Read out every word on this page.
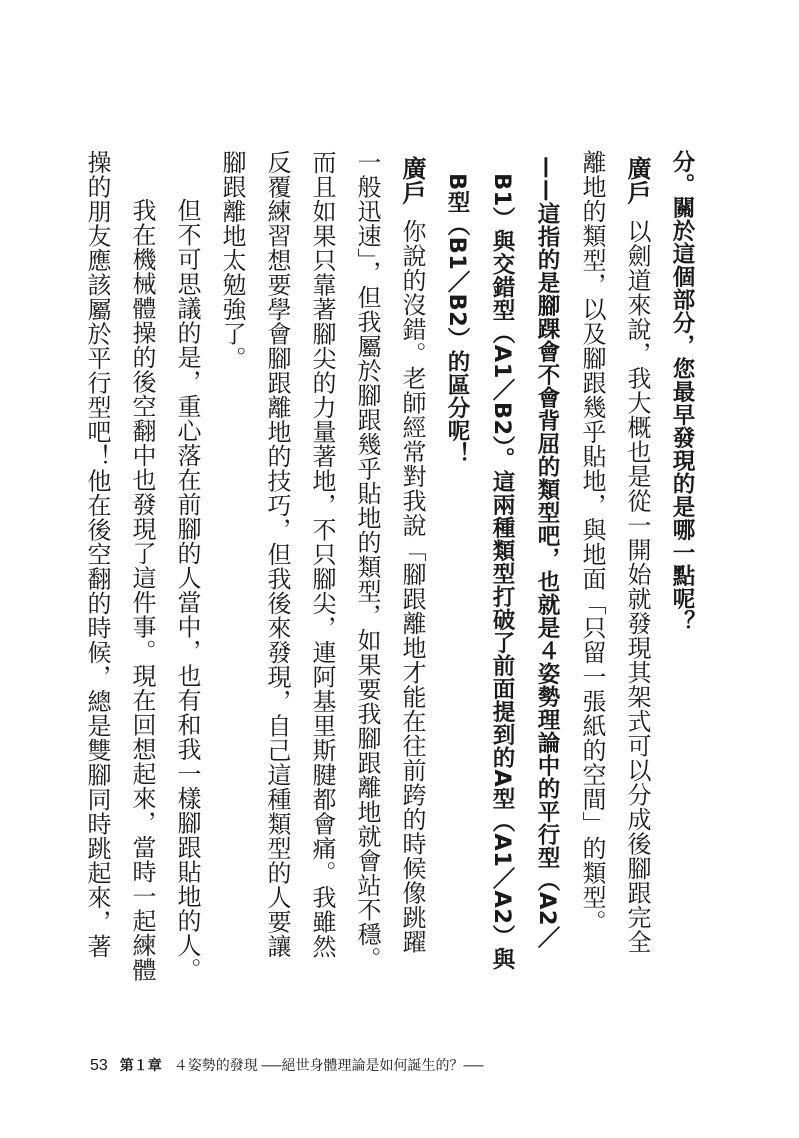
分。關於這個部分，您最早發現的是哪一點呢？

廣戶以劍道來說，我大概也是從一開始就發現其架式可以分成後腳跟完全

離地的類型，以及腳跟幾乎貼地，與地面「只留一張紙的空間」的類型。

——這指的是腳踝會不會背屈的類型吧，也就是４姿勢理論中的平行型（A2／

B1）與交錯型（A1／B2）。這兩種類型打破了前面提到的A型（A1／A2）與

B型（B1／B2）的區分呢！

廣戶你說的沒錯。老師經常對我說「腳跟離地才能在往前跨的時候像跳躍

一般迅速」，但我屬於腳跟幾乎貼地的類型，如果要我腳跟離地就會站不穩。

而且如果只靠著腳尖的力量著地，不只腳尖，連阿基里斯腱都會痛。我雖然

反覆練習想要學會腳跟離地的技巧，但我後來發現，自己這種類型的人要讓

腳跟離地太勉強了。

但不可思議的是，重心落在前腳的人當中，也有和我一樣腳跟貼地的人。

我在機械體操的後空翻中也發現了這件事。現在回想起來，當時一起練體

操的朋友應該屬於平行型吧！他在後空翻的時候，總是雙腳同時跳起來，著

53 第１章 ４姿勢的發現 ──絕世身體理論是如何誕生的？──
